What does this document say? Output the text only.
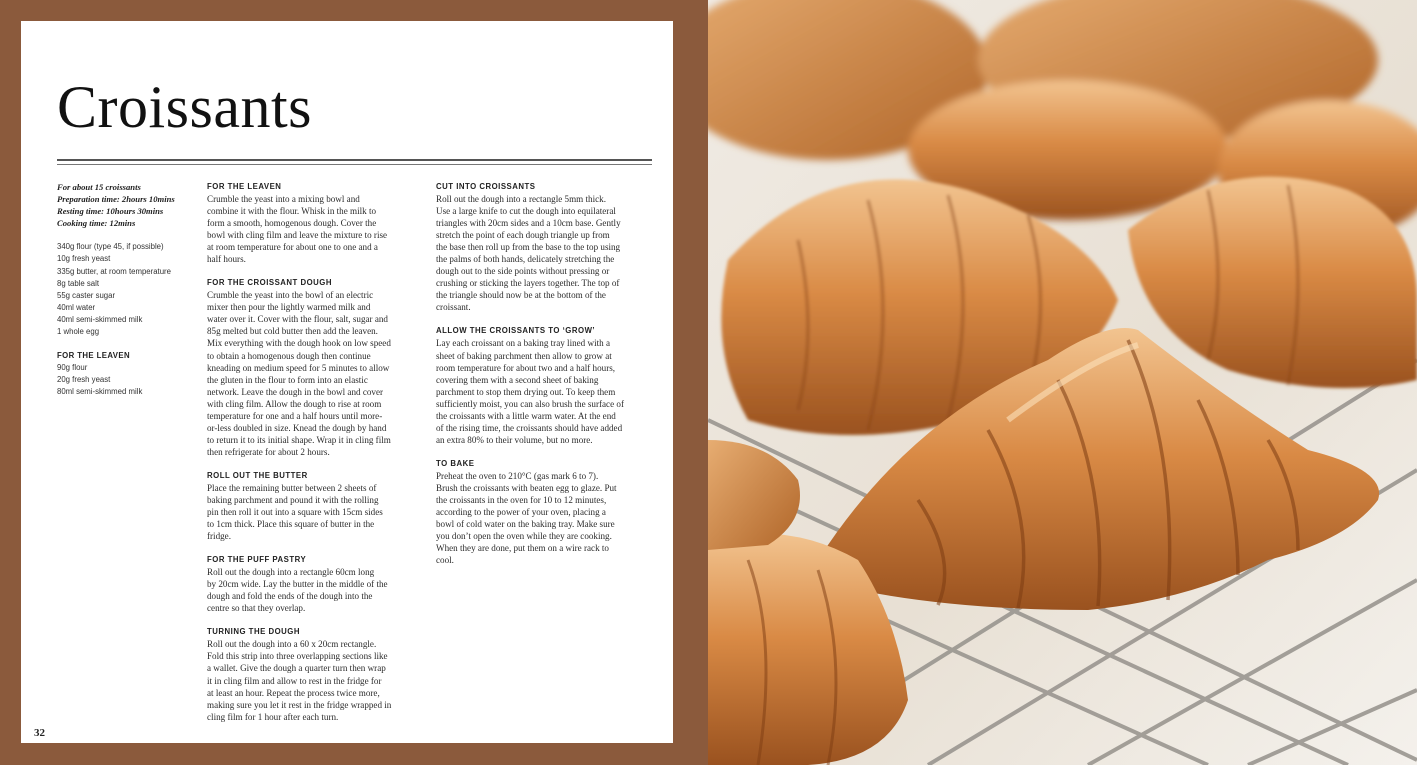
Croissants
For about 15 croissants
Preparation time: 2hours 10mins
Resting time: 10hours 30mins
Cooking time: 12mins
340g flour (type 45, if possible)
10g fresh yeast
335g butter, at room temperature
8g table salt
55g caster sugar
40ml water
40ml semi-skimmed milk
1 whole egg
FOR THE LEAVEN
90g flour
20g fresh yeast
80ml semi-skimmed milk
FOR THE LEAVEN
Crumble the yeast into a mixing bowl and
combine it with the flour. Whisk in the milk to
form a smooth, homogenous dough. Cover the
bowl with cling film and leave the mixture to rise
at room temperature for about one to one and a
half hours.
FOR THE CROISSANT DOUGH
Crumble the yeast into the bowl of an electric
mixer then pour the lightly warmed milk and
water over it. Cover with the flour, salt, sugar and
85g melted but cold butter then add the leaven.
Mix everything with the dough hook on low speed
to obtain a homogenous dough then continue
kneading on medium speed for 5 minutes to allow
the gluten in the flour to form into an elastic
network. Leave the dough in the bowl and cover
with cling film. Allow the dough to rise at room
temperature for one and a half hours until more-
or-less doubled in size. Knead the dough by hand
to return it to its initial shape. Wrap it in cling film
then refrigerate for about 2 hours.
ROLL OUT THE BUTTER
Place the remaining butter between 2 sheets of
baking parchment and pound it with the rolling
pin then roll it out into a square with 15cm sides
to 1cm thick. Place this square of butter in the
fridge.
FOR THE PUFF PASTRY
Roll out the dough into a rectangle 60cm long
by 20cm wide. Lay the butter in the middle of the
dough and fold the ends of the dough into the
centre so that they overlap.
TURNING THE DOUGH
Roll out the dough into a 60 x 20cm rectangle.
Fold this strip into three overlapping sections like
a wallet. Give the dough a quarter turn then wrap
it in cling film and allow to rest in the fridge for
at least an hour. Repeat the process twice more,
making sure you let it rest in the fridge wrapped in
cling film for 1 hour after each turn.
CUT INTO CROISSANTS
Roll out the dough into a rectangle 5mm thick.
Use a large knife to cut the dough into equilateral
triangles with 20cm sides and a 10cm base. Gently
stretch the point of each dough triangle up from
the base then roll up from the base to the top using
the palms of both hands, delicately stretching the
dough out to the side points without pressing or
crushing or sticking the layers together. The top of
the triangle should now be at the bottom of the
croissant.
ALLOW THE CROISSANTS TO ‘GROW’
Lay each croissant on a baking tray lined with a
sheet of baking parchment then allow to grow at
room temperature for about two and a half hours,
covering them with a second sheet of baking
parchment to stop them drying out. To keep them
sufficiently moist, you can also brush the surface of
the croissants with a little warm water. At the end
of the rising time, the croissants should have added
an extra 80% to their volume, but no more.
TO BAKE
Preheat the oven to 210°C (gas mark 6 to 7).
Brush the croissants with beaten egg to glaze. Put
the croissants in the oven for 10 to 12 minutes,
according to the power of your oven, placing a
bowl of cold water on the baking tray. Make sure
you don’t open the oven while they are cooking.
When they are done, put them on a wire rack to
cool.
32
